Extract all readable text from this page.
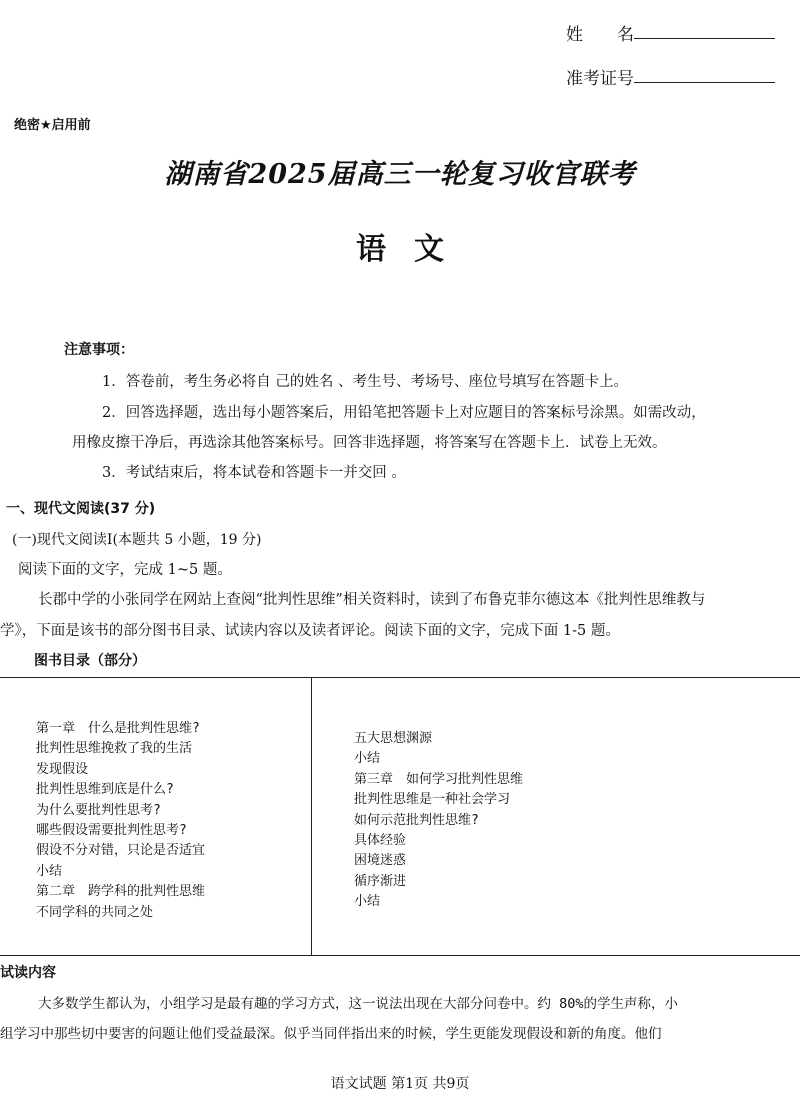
姓　　名
准考证号
绝密★启用前
湖南省2025届高三一轮复习收官联考
语文
注意事项：
1．答卷前，考生务必将自 己的姓名 、考生号、考场号、座位号填写在答题卡上。
2．回答选择题，选出每小题答案后，用铅笔把答题卡上对应题目的答案标号涂黑。如需改动，
用橡皮擦干净后，再选涂其他答案标号。回答非选择题，将答案写在答题卡上．试卷上无效。
3．考试结束后，将本试卷和答题卡一并交回 。
一、现代文阅读(37 分)
(一)现代文阅读Ⅰ(本题共 5 小题，19 分)
阅读下面的文字，完成 1~5 题。
长郡中学的小张同学在网站上查阅“批判性思维”相关资料时，读到了布鲁克菲尔德这本《批判性思维教与
学》，下面是该书的部分图书目录、试读内容以及读者评论。阅读下面的文字，完成下面 1-5 题。
图书目录（部分）
第一章　什么是批判性思维?
批判性思维挽救了我的生活
发现假设
批判性思维到底是什么?
为什么要批判性思考?
哪些假设需要批判性思考?
假设不分对错，只论是否适宜
小结
第二章　跨学科的批判性思维
不同学科的共同之处
五大思想渊源
小结
第三章　如何学习批判性思维
批判性思维是一种社会学习
如何示范批判性思维?
具体经验
困境迷惑
循序渐进
小结
试读内容
大多数学生都认为，小组学习是最有趣的学习方式，这一说法出现在大部分问卷中。约 80%的学生声称，小
组学习中那些切中要害的问题让他们受益最深。似乎当同伴指出来的时候，学生更能发现假设和新的角度。他们
语文试题 第1页 共9页
